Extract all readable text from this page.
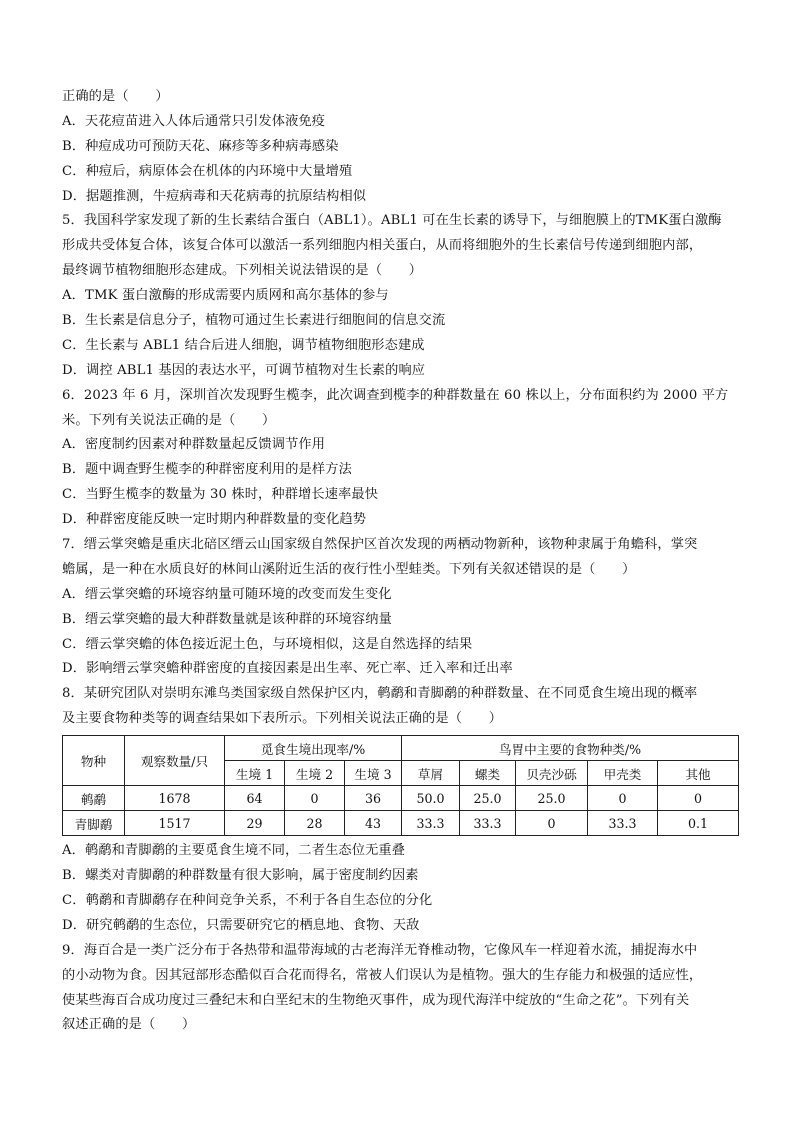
正确的是（　　）
A．天花痘苗进入人体后通常只引发体液免疫
B．种痘成功可预防天花、麻疹等多种病毒感染
C．种痘后，病原体会在机体的内环境中大量增殖
D．据题推测，牛痘病毒和天花病毒的抗原结构相似
5．我国科学家发现了新的生长素结合蛋白（ABL1）。ABL1 可在生长素的诱导下，与细胞膜上的TMK蛋白激酶
形成共受体复合体，该复合体可以激活一系列细胞内相关蛋白，从而将细胞外的生长素信号传递到细胞内部，
最终调节植物细胞形态建成。下列相关说法错误的是（　　）
A．TMK 蛋白激酶的形成需要内质网和高尔基体的参与
B．生长素是信息分子，植物可通过生长素进行细胞间的信息交流
C．生长素与 ABL1 结合后进人细胞，调节植物细胞形态建成
D．调控 ABL1 基因的表达水平，可调节植物对生长素的响应
6．2023 年 6 月，深圳首次发现野生榄李，此次调查到榄李的种群数量在 60 株以上，分布面积约为 2000 平方
米。下列有关说法正确的是（　　）
A．密度制约因素对种群数量起反馈调节作用
B．题中调查野生榄李的种群密度利用的是样方法
C．当野生榄李的数量为 30 株时，种群增长速率最快
D．种群密度能反映一定时期内种群数量的变化趋势
7．缙云掌突蟾是重庆北碚区缙云山国家级自然保护区首次发现的两栖动物新种，该物种隶属于角蟾科，掌突
蟾属，是一种在水质良好的林间山溪附近生活的夜行性小型蛙类。下列有关叙述错误的是（　　）
A．缙云掌突蟾的环境容纳量可随环境的改变而发生变化
B．缙云掌突蟾的最大种群数量就是该种群的环境容纳量
C．缙云掌突蟾的体色接近泥土色，与环境相似，这是自然选择的结果
D．影响缙云掌突蟾种群密度的直接因素是出生率、死亡率、迁入率和迁出率
8．某研究团队对崇明东滩鸟类国家级自然保护区内，鹌鹬和青脚鹬的种群数量、在不同觅食生境出现的概率
及主要食物种类等的调查结果如下表所示。下列相关说法正确的是（　　）
物种	观察数量/只	觅食生境出现率/%			鸟胃中主要的食物种类/%				
		生境 1	生境 2	生境 3	草屑	螺类	贝壳沙砾	甲壳类	其他
鹌鹬	1678	64	0	36	50.0	25.0	25.0	0	0
青脚鹬	1517	29	28	43	33.3	33.3	0	33.3	0.1
A．鹌鹬和青脚鹬的主要觅食生境不同，二者生态位无重叠
B．螺类对青脚鹬的种群数量有很大影响，属于密度制约因素
C．鹌鹬和青脚鹬存在种间竞争关系，不利于各自生态位的分化
D．研究鹌鹬的生态位，只需要研究它的栖息地、食物、天敌
9．海百合是一类广泛分布于各热带和温带海域的古老海洋无脊椎动物，它像风车一样迎着水流，捕捉海水中
的小动物为食。因其冠部形态酷似百合花而得名，常被人们误认为是植物。强大的生存能力和极强的适应性，
使某些海百合成功度过三叠纪末和白垩纪末的生物绝灭事件，成为现代海洋中绽放的“生命之花”。下列有关
叙述正确的是（　　）
